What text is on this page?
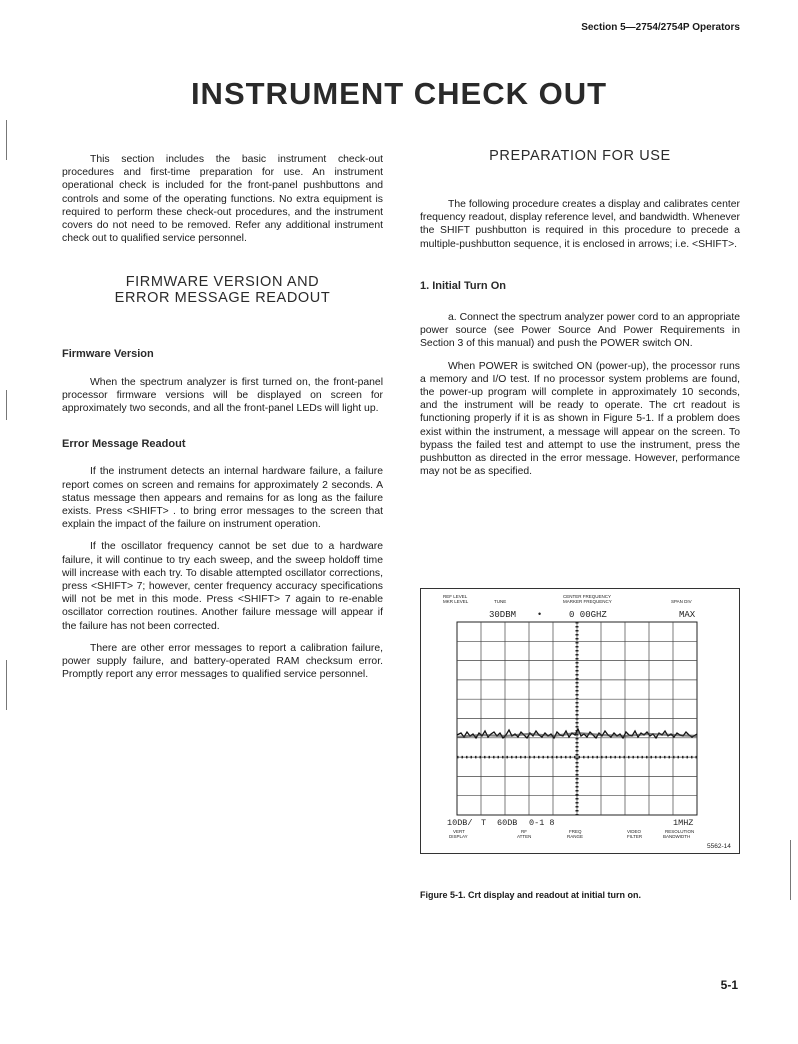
Section 5—2754/2754P Operators
INSTRUMENT CHECK OUT

This section includes the basic instrument check-out procedures and first-time preparation for use. An instrument operational check is included for the front-panel pushbuttons and controls and some of the operating functions. No extra equipment is required to perform these check-out procedures, and the instrument covers do not need to be removed. Refer any additional instrument check out to qualified service personnel.

FIRMWARE VERSION AND
ERROR MESSAGE READOUT
Firmware Version

When the spectrum analyzer is first turned on, the front-panel processor firmware versions will be displayed on screen for approximately two seconds, and all the front-panel LEDs will light up.

Error Message Readout

If the instrument detects an internal hardware failure, a failure report comes on screen and remains for approximately 2 seconds. A status message then appears and remains for as long as the failure exists. Press <SHIFT> . to bring error messages to the screen that explain the impact of the failure on instrument operation.

If the oscillator frequency cannot be set due to a hardware failure, it will continue to try each sweep, and the sweep holdoff time will increase with each try. To disable attempted oscillator corrections, press <SHIFT> 7; however, center frequency accuracy specifications will not be met in this mode. Press <SHIFT> 7 again to re-enable oscillator correction routines. Another failure message will appear if the failure has not been corrected.

There are other error messages to report a calibration failure, power supply failure, and battery-operated RAM checksum error. Promptly report any error messages to qualified service personnel.

PREPARATION FOR USE

The following procedure creates a display and calibrates center frequency readout, display reference level, and bandwidth. Whenever the SHIFT pushbutton is required in this procedure to precede a multiple-pushbutton sequence, it is enclosed in arrows; i.e. <SHIFT>.

1. Initial Turn On

a. Connect the spectrum analyzer power cord to an appropriate power source (see Power Source And Power Requirements in Section 3 of this manual) and push the POWER switch ON.

When POWER is switched ON (power-up), the processor runs a memory and I/O test. If no processor system problems are found, the power-up program will complete in approximately 10 seconds, and the instrument will be ready to operate. The crt readout is functioning properly if it is as shown in Figure 5-1. If a problem does exist within the instrument, a message will appear on the screen. To bypass the failed test and attempt to use the instrument, press the pushbutton as directed in the error message. However, performance may not be as specified.

REF LEVEL
MKR LEVEL	TUNE
CENTER FREQUENCY
MARKER FREQUENCY	SPAN DIV
30DBM •	0 00GHZ	MAX
10DB/ T 60DB 0-1 8	1MHZ
VERT
DISPLAY
RF
ATTEN
FREQ
RANGE
VIDEO
FILTER
RESOLUTION
BANDWIDTH
5562-14
Figure 5-1. Crt display and readout at initial turn on.
5-1
